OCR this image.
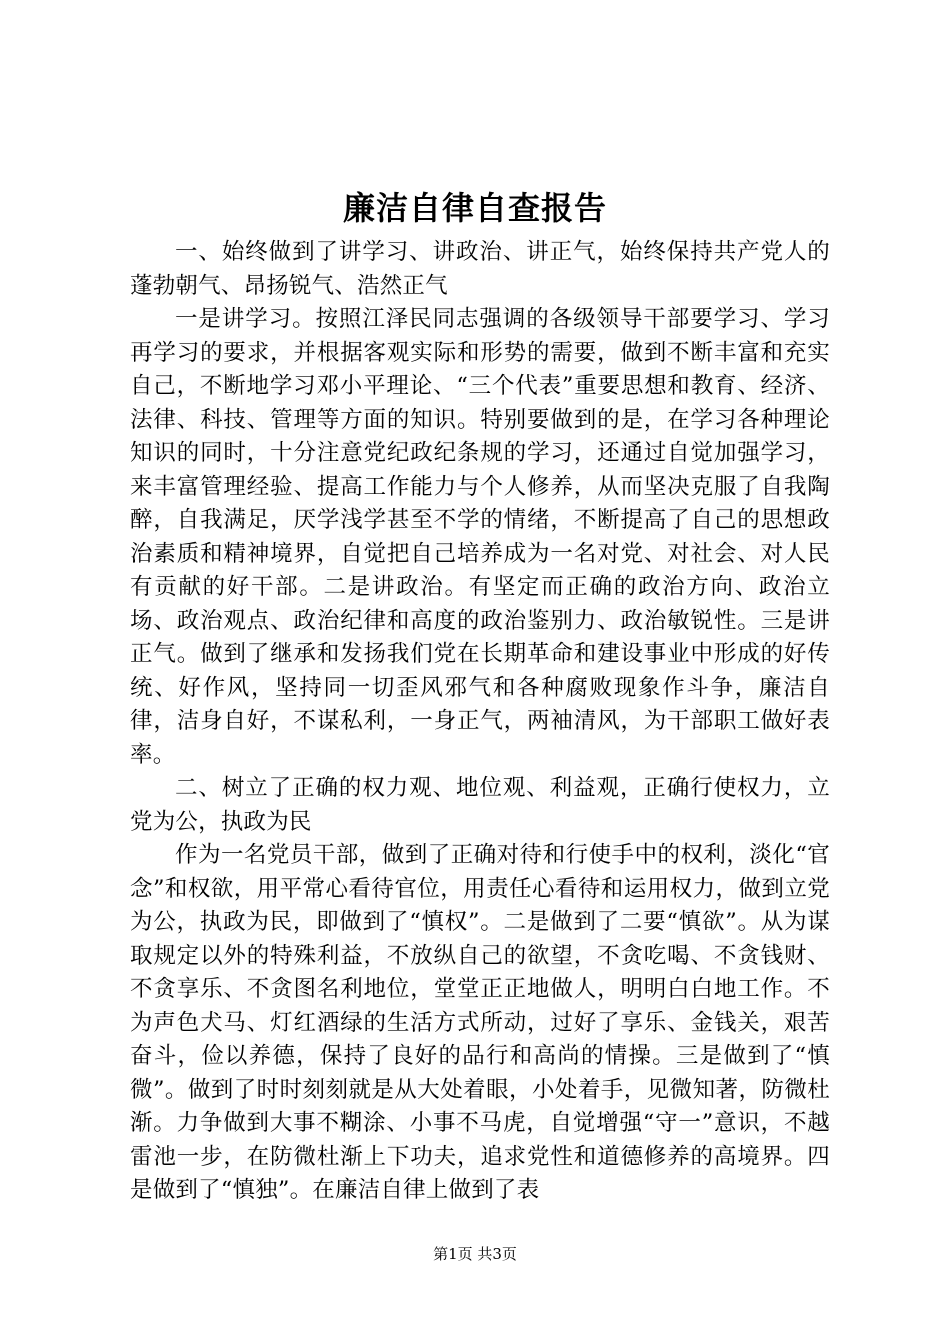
廉洁自律自查报告

一、始终做到了讲学习、讲政治、讲正气，始终保持共产党人的蓬勃朝气、昂扬锐气、浩然正气

一是讲学习。按照江泽民同志强调的各级领导干部要学习、学习再学习的要求，并根据客观实际和形势的需要，做到不断丰富和充实自己，不断地学习邓小平理论、“三个代表”重要思想和教育、经济、法律、科技、管理等方面的知识。特别要做到的是，在学习各种理论知识的同时，十分注意党纪政纪条规的学习，还通过自觉加强学习，来丰富管理经验、提高工作能力与个人修养，从而坚决克服了自我陶醉，自我满足，厌学浅学甚至不学的情绪，不断提高了自己的思想政治素质和精神境界，自觉把自己培养成为一名对党、对社会、对人民有贡献的好干部。二是讲政治。有坚定而正确的政治方向、政治立场、政治观点、政治纪律和高度的政治鉴别力、政治敏锐性。三是讲正气。做到了继承和发扬我们党在长期革命和建设事业中形成的好传统、好作风，坚持同一切歪风邪气和各种腐败现象作斗争，廉洁自律，洁身自好，不谋私利，一身正气，两袖清风，为干部职工做好表率。

二、树立了正确的权力观、地位观、利益观，正确行使权力，立党为公，执政为民

作为一名党员干部，做到了正确对待和行使手中的权利，淡化“官念”和权欲，用平常心看待官位，用责任心看待和运用权力，做到立党为公，执政为民，即做到了“慎权”。二是做到了二要“慎欲”。从为谋取规定以外的特殊利益，不放纵自己的欲望，不贪吃喝、不贪钱财、不贪享乐、不贪图名利地位，堂堂正正地做人，明明白白地工作。不为声色犬马、灯红酒绿的生活方式所动，过好了享乐、金钱关，艰苦奋斗，俭以养德，保持了良好的品行和高尚的情操。三是做到了“慎微”。做到了时时刻刻就是从大处着眼，小处着手，见微知著，防微杜渐。力争做到大事不糊涂、小事不马虎，自觉增强“守一”意识，不越雷池一步，在防微杜渐上下功夫，追求党性和道德修养的高境界。四是做到了“慎独”。在廉洁自律上做到了表

第1页 共3页
